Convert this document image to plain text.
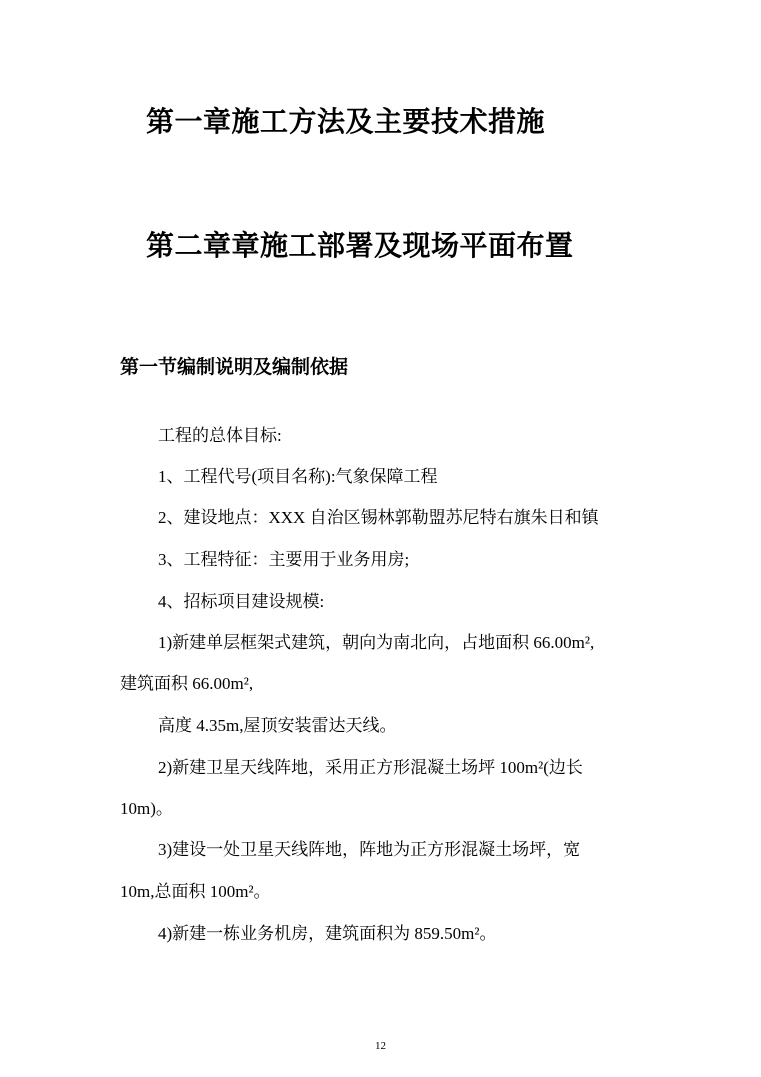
第一章施工方法及主要技术措施
第二章章施工部署及现场平面布置
第一节编制说明及编制依据
工程的总体目标:
1、工程代号(项目名称):气象保障工程
2、建设地点：XXX 自治区锡林郭勒盟苏尼特右旗朱日和镇
3、工程特征：主要用于业务用房;
4、招标项目建设规模:
1)新建单层框架式建筑，朝向为南北向，占地面积 66.00m²,
建筑面积 66.00m²,
高度 4.35m,屋顶安装雷达天线。
2)新建卫星天线阵地，采用正方形混凝土场坪 100m²(边长
10m)。
3)建设一处卫星天线阵地，阵地为正方形混凝土场坪，宽
10m,总面积 100m²。
4)新建一栋业务机房，建筑面积为 859.50m²。
12
